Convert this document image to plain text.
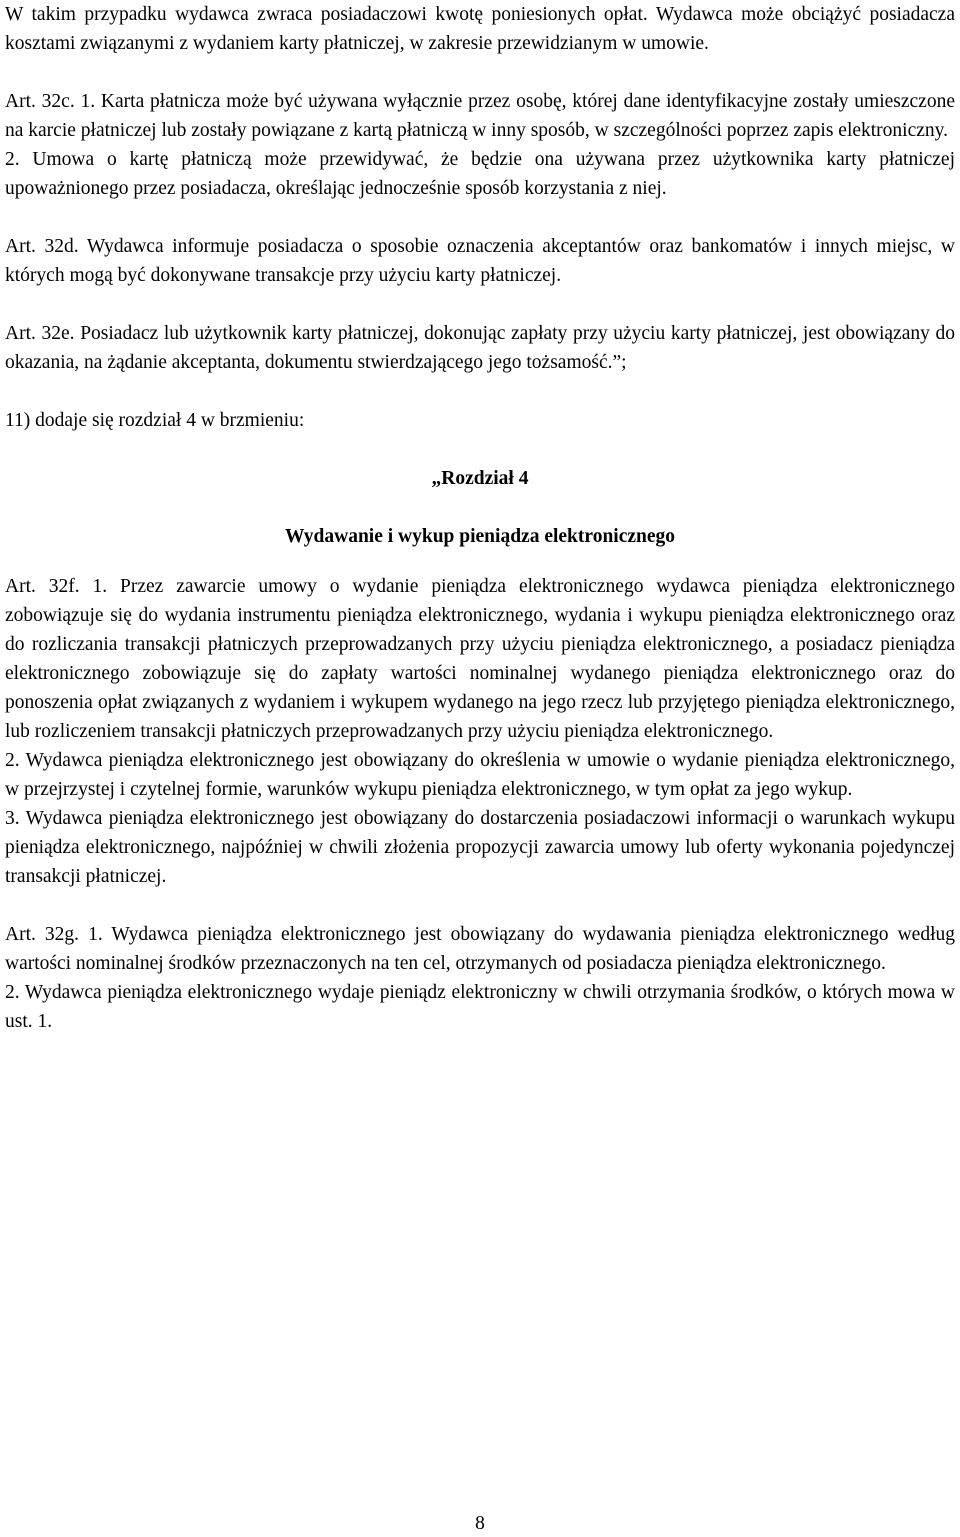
W takim przypadku wydawca zwraca posiadaczowi kwotę poniesionych opłat. Wydawca może obciążyć posiadacza kosztami związanymi z wydaniem karty płatniczej, w zakresie przewidzianym w umowie.

Art. 32c. 1. Karta płatnicza może być używana wyłącznie przez osobę, której dane identyfikacyjne zostały umieszczone na karcie płatniczej lub zostały powiązane z kartą płatniczą w inny sposób, w szczególności poprzez zapis elektroniczny.

2. Umowa o kartę płatniczą może przewidywać, że będzie ona używana przez użytkownika karty płatniczej upoważnionego przez posiadacza, określając jednocześnie sposób korzystania z niej.

Art. 32d. Wydawca informuje posiadacza o sposobie oznaczenia akceptantów oraz bankomatów i innych miejsc, w których mogą być dokonywane transakcje przy użyciu karty płatniczej.

Art. 32e. Posiadacz lub użytkownik karty płatniczej, dokonując zapłaty przy użyciu karty płatniczej, jest obowiązany do okazania, na żądanie akceptanta, dokumentu stwierdzającego jego tożsamość.”;

11) dodaje się rozdział 4 w brzmieniu:

„Rozdział 4

Wydawanie i wykup pieniądza elektronicznego

Art. 32f. 1. Przez zawarcie umowy o wydanie pieniądza elektronicznego wydawca pieniądza elektronicznego zobowiązuje się do wydania instrumentu pieniądza elektronicznego, wydania i wykupu pieniądza elektronicznego oraz do rozliczania transakcji płatniczych przeprowadzanych przy użyciu pieniądza elektronicznego, a posiadacz pieniądza elektronicznego zobowiązuje się do zapłaty wartości nominalnej wydanego pieniądza elektronicznego oraz do ponoszenia opłat związanych z wydaniem i wykupem wydanego na jego rzecz lub przyjętego pieniądza elektronicznego, lub rozliczeniem transakcji płatniczych przeprowadzanych przy użyciu pieniądza elektronicznego.

2. Wydawca pieniądza elektronicznego jest obowiązany do określenia w umowie o wydanie pieniądza elektronicznego, w przejrzystej i czytelnej formie, warunków wykupu pieniądza elektronicznego, w tym opłat za jego wykup.

3. Wydawca pieniądza elektronicznego jest obowiązany do dostarczenia posiadaczowi informacji o warunkach wykupu pieniądza elektronicznego, najpóźniej w chwili złożenia propozycji zawarcia umowy lub oferty wykonania pojedynczej transakcji płatniczej.

Art. 32g. 1. Wydawca pieniądza elektronicznego jest obowiązany do wydawania pieniądza elektronicznego według wartości nominalnej środków przeznaczonych na ten cel, otrzymanych od posiadacza pieniądza elektronicznego.

2. Wydawca pieniądza elektronicznego wydaje pieniądz elektroniczny w chwili otrzymania środków, o których mowa w ust. 1.

8
